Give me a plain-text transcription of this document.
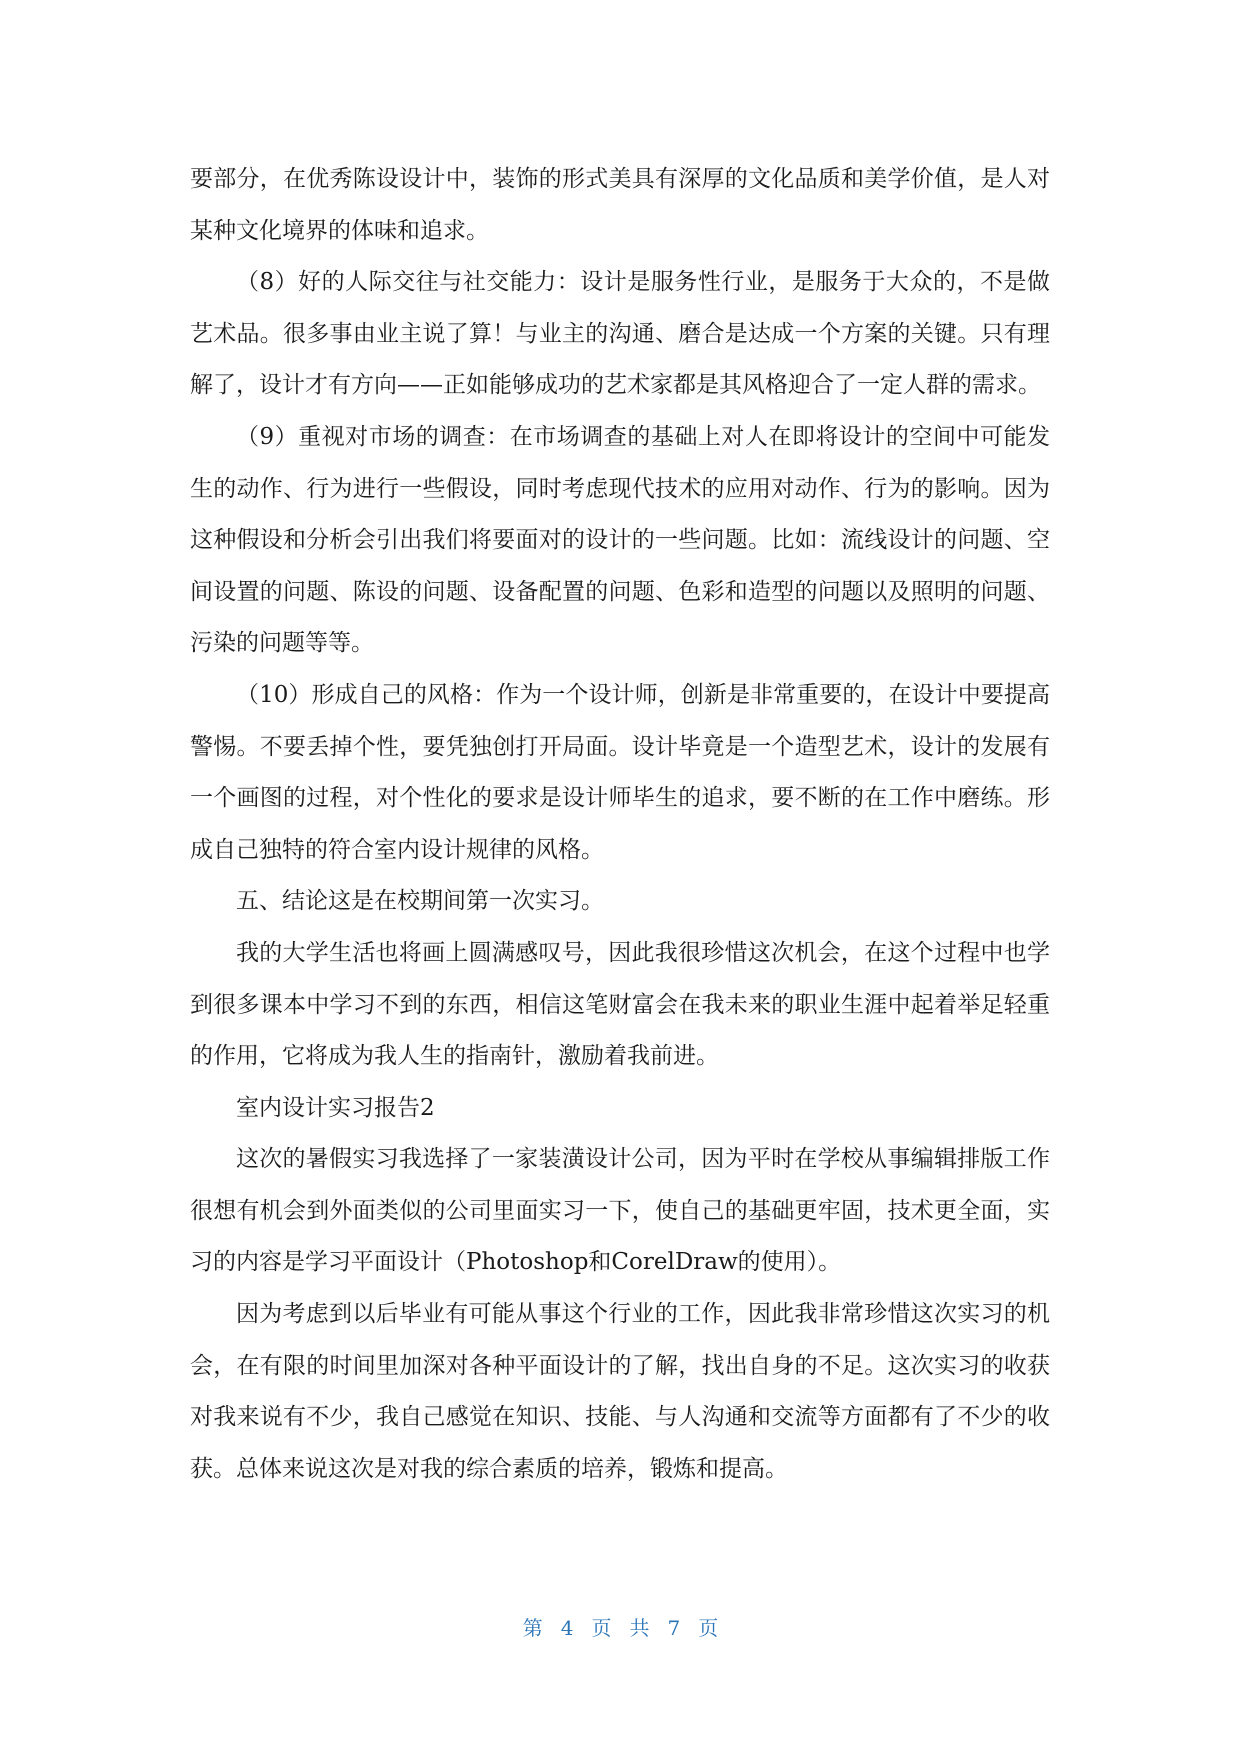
要部分，在优秀陈设设计中，装饰的形式美具有深厚的文化品质和美学价值，是人对某种文化境界的体味和追求。

（8）好的人际交往与社交能力：设计是服务性行业，是服务于大众的，不是做艺术品。很多事由业主说了算！与业主的沟通、磨合是达成一个方案的关键。只有理解了，设计才有方向——正如能够成功的艺术家都是其风格迎合了一定人群的需求。

（9）重视对市场的调查：在市场调查的基础上对人在即将设计的空间中可能发生的动作、行为进行一些假设，同时考虑现代技术的应用对动作、行为的影响。因为这种假设和分析会引出我们将要面对的设计的一些问题。比如：流线设计的问题、空间设置的问题、陈设的问题、设备配置的问题、色彩和造型的问题以及照明的问题、污染的问题等等。

（10）形成自己的风格：作为一个设计师，创新是非常重要的，在设计中要提高警惕。不要丢掉个性，要凭独创打开局面。设计毕竟是一个造型艺术，设计的发展有一个画图的过程，对个性化的要求是设计师毕生的追求，要不断的在工作中磨练。形成自己独特的符合室内设计规律的风格。

五、结论这是在校期间第一次实习。

我的大学生活也将画上圆满感叹号，因此我很珍惜这次机会，在这个过程中也学到很多课本中学习不到的东西，相信这笔财富会在我未来的职业生涯中起着举足轻重的作用，它将成为我人生的指南针，激励着我前进。

室内设计实习报告2

这次的暑假实习我选择了一家装潢设计公司，因为平时在学校从事编辑排版工作很想有机会到外面类似的公司里面实习一下，使自己的基础更牢固，技术更全面，实习的内容是学习平面设计（Photoshop和CorelDraw的使用）。

因为考虑到以后毕业有可能从事这个行业的工作，因此我非常珍惜这次实习的机会，在有限的时间里加深对各种平面设计的了解，找出自身的不足。这次实习的收获对我来说有不少，我自己感觉在知识、技能、与人沟通和交流等方面都有了不少的收获。总体来说这次是对我的综合素质的培养，锻炼和提高。

第 4 页 共 7 页
